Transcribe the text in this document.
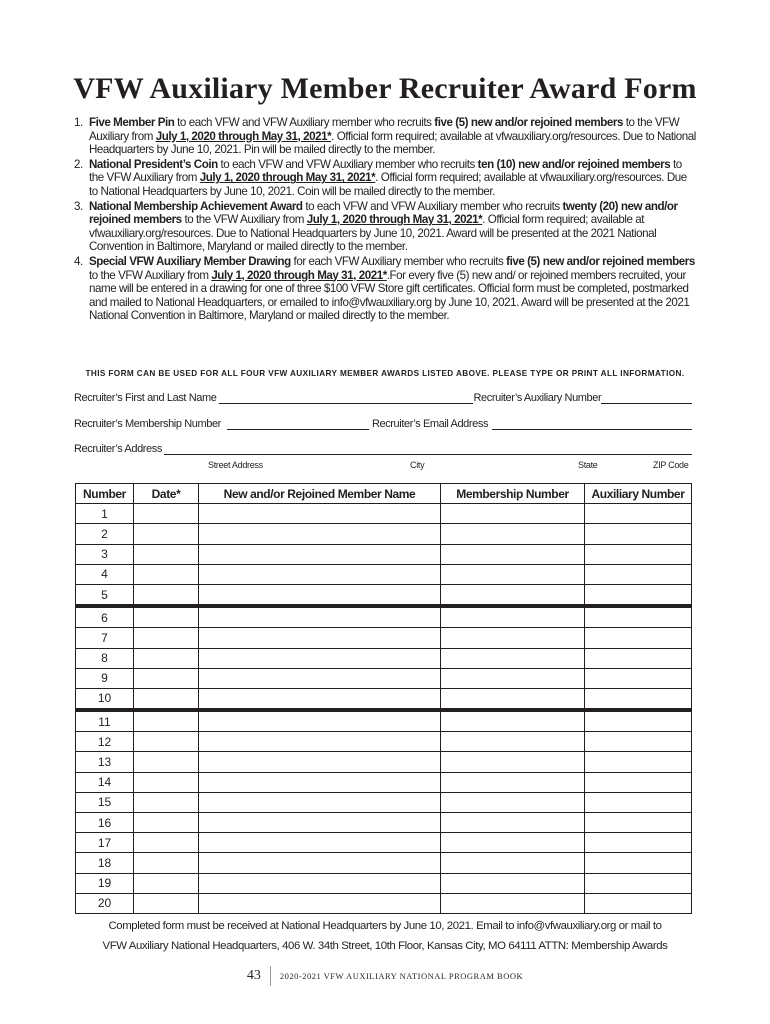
VFW Auxiliary Member Recruiter Award Form
1. Five Member Pin to each VFW and VFW Auxiliary member who recruits five (5) new and/or rejoined members to the VFW Auxiliary from July 1, 2020 through May 31, 2021*. Official form required; available at vfwauxiliary.org/resources. Due to National Headquarters by June 10, 2021. Pin will be mailed directly to the member.
2. National President’s Coin to each VFW and VFW Auxiliary member who recruits ten (10) new and/or rejoined members to the VFW Auxiliary from July 1, 2020 through May 31, 2021*. Official form required; available at vfwauxiliary.org/resources. Due to National Headquarters by June 10, 2021. Coin will be mailed directly to the member.
3. National Membership Achievement Award to each VFW and VFW Auxiliary member who recruits twenty (20) new and/or rejoined members to the VFW Auxiliary from July 1, 2020 through May 31, 2021*. Official form required; available at vfwauxiliary.org/resources. Due to National Headquarters by June 10, 2021. Award will be presented at the 2021 National Convention in Baltimore, Maryland or mailed directly to the member.
4. Special VFW Auxiliary Member Drawing for each VFW Auxiliary member who recruits five (5) new and/or rejoined members to the VFW Auxiliary from July 1, 2020 through May 31, 2021*.For every five (5) new and/ or rejoined members recruited, your name will be entered in a drawing for one of three $100 VFW Store gift certificates. Official form must be completed, postmarked and mailed to National Headquarters, or emailed to info@vfwauxiliary.org by June 10, 2021. Award will be presented at the 2021 National Convention in Baltimore, Maryland or mailed directly to the member.
THIS FORM CAN BE USED FOR ALL FOUR VFW AUXILIARY MEMBER AWARDS LISTED ABOVE. PLEASE TYPE OR PRINT ALL INFORMATION.
Recruiter’s First and Last Name	Recruiter’s Auxiliary Number
Recruiter’s Membership Number	Recruiter’s Email Address
Recruiter’s Address
Street Address	City	State	ZIP Code
Number	Date*	New and/or Rejoined Member Name	Membership Number	Auxiliary Number
1				
2				
3				
4				
5				
6				
7				
8				
9				
10				
11				
12				
13				
14				
15				
16				
17				
18				
19				
20				
Completed form must be received at National Headquarters by June 10, 2021. Email to info@vfwauxiliary.org or mail to
VFW Auxiliary National Headquarters, 406 W. 34th Street, 10th Floor, Kansas City, MO 64111 ATTN: Membership Awards
43	2020-2021 VFW AUXILIARY NATIONAL PROGRAM BOOK
